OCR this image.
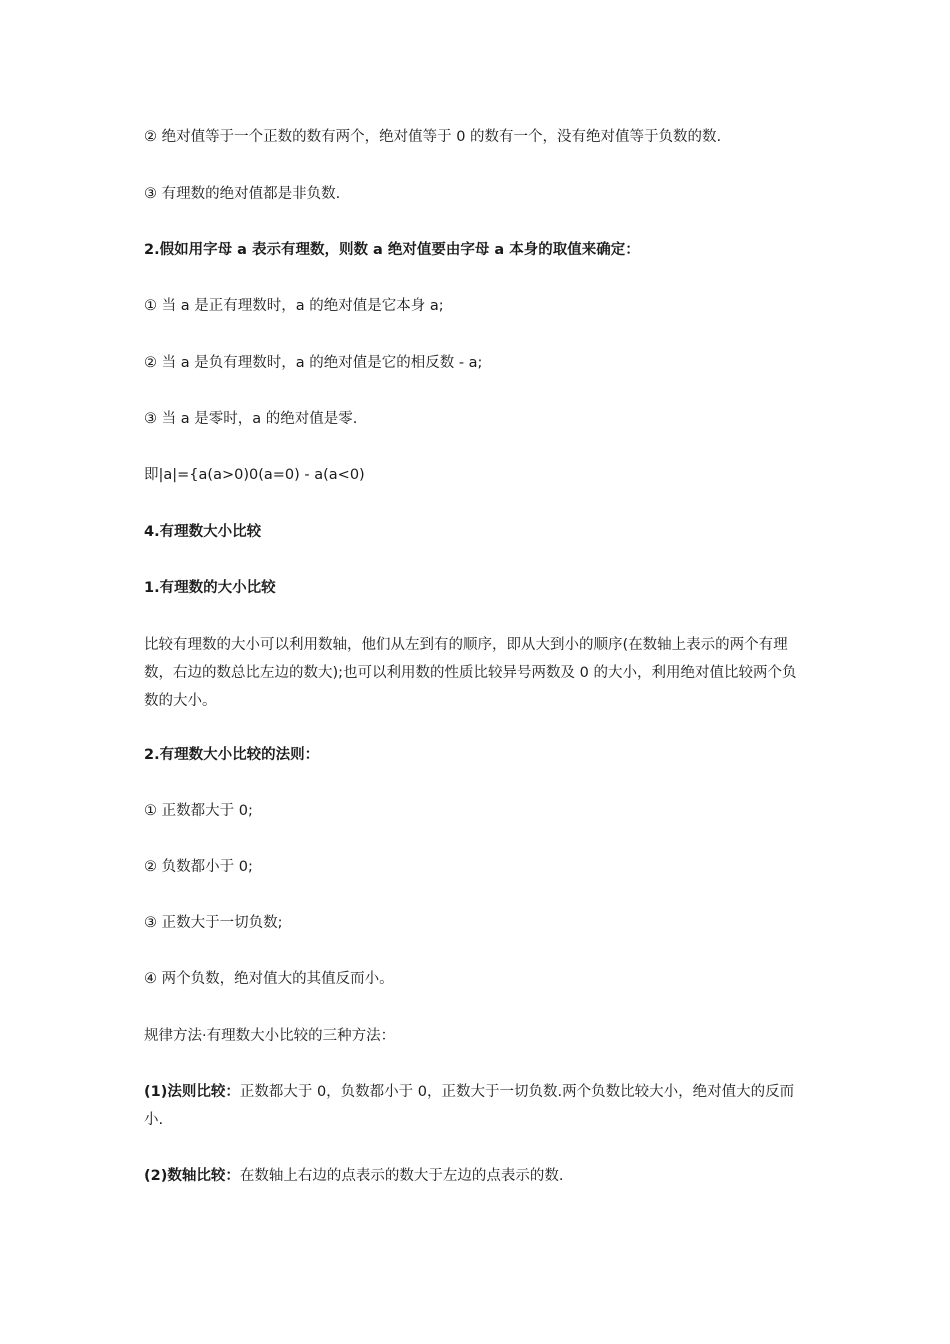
② 绝对值等于一个正数的数有两个，绝对值等于 0 的数有一个，没有绝对值等于负数的数.

③ 有理数的绝对值都是非负数.

2.假如用字母 a 表示有理数，则数 a 绝对值要由字母 a 本身的取值来确定：

① 当 a 是正有理数时，a 的绝对值是它本身 a;

② 当 a 是负有理数时，a 的绝对值是它的相反数 - a;

③ 当 a 是零时，a 的绝对值是零.

即|a|={a(a>0)0(a=0) - a(a<0)

4.有理数大小比较

1.有理数的大小比较

比较有理数的大小可以利用数轴，他们从左到有的顺序，即从大到小的顺序(在数轴上表示的两个有理数，右边的数总比左边的数大);也可以利用数的性质比较异号两数及 0 的大小，利用绝对值比较两个负数的大小。

2.有理数大小比较的法则：

① 正数都大于 0;

② 负数都小于 0;

③ 正数大于一切负数;

④ 两个负数，绝对值大的其值反而小。

规律方法·有理数大小比较的三种方法：

(1)法则比较：正数都大于 0，负数都小于 0，正数大于一切负数.两个负数比较大小，绝对值大的反而小.

(2)数轴比较：在数轴上右边的点表示的数大于左边的点表示的数.
